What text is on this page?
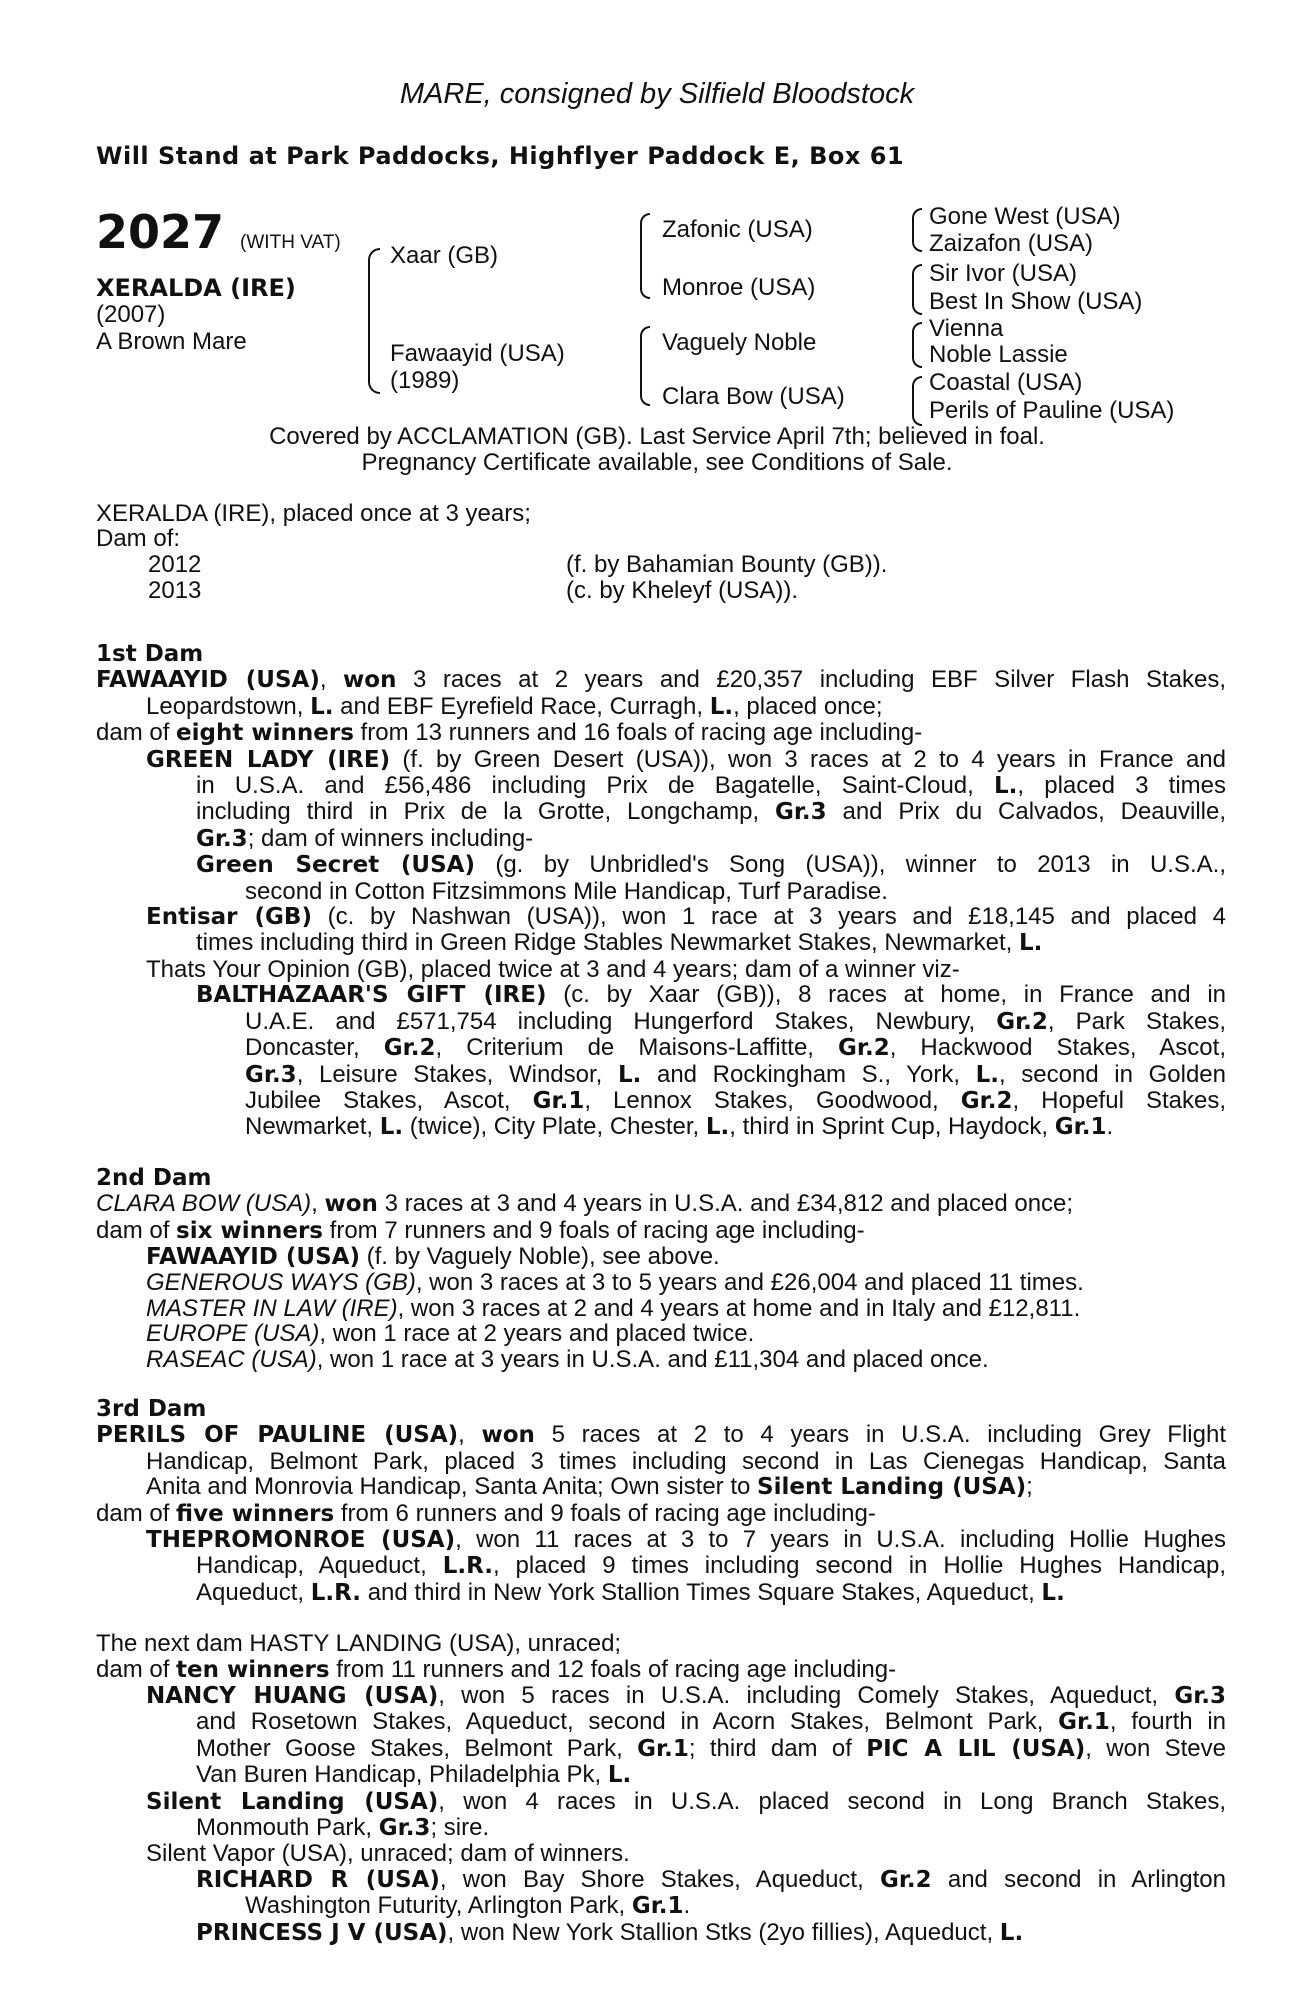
MARE, consigned by Silfield Bloodstock
Will Stand at Park Paddocks, Highflyer Paddock E, Box 61
2027 (WITH VAT)
XERALDA (IRE)
(2007)
A Brown Mare
Xaar (GB)
Fawaayid (USA)
(1989)
Zafonic (USA)
Monroe (USA)
Vaguely Noble
Clara Bow (USA)
Gone West (USA)
Zaizafon (USA)
Sir Ivor (USA)
Best In Show (USA)
Vienna
Noble Lassie
Coastal (USA)
Perils of Pauline (USA)
Covered by ACCLAMATION (GB). Last Service April 7th; believed in foal.
Pregnancy Certificate available, see Conditions of Sale.
XERALDA (IRE), placed once at 3 years;
Dam of:
2012	(f. by Bahamian Bounty (GB)).
2013	(c. by Kheleyf (USA)).
1st Dam
FAWAAYID (USA), won 3 races at 2 years and £20,357 including EBF Silver Flash Stakes,
Leopardstown, L. and EBF Eyrefield Race, Curragh, L., placed once;
dam of eight winners from 13 runners and 16 foals of racing age including-
GREEN LADY (IRE) (f. by Green Desert (USA)), won 3 races at 2 to 4 years in France and
in U.S.A. and £56,486 including Prix de Bagatelle, Saint-Cloud, L., placed 3 times
including third in Prix de la Grotte, Longchamp, Gr.3 and Prix du Calvados, Deauville,
Gr.3; dam of winners including-
Green Secret (USA) (g. by Unbridled's Song (USA)), winner to 2013 in U.S.A.,
second in Cotton Fitzsimmons Mile Handicap, Turf Paradise.
Entisar (GB) (c. by Nashwan (USA)), won 1 race at 3 years and £18,145 and placed 4
times including third in Green Ridge Stables Newmarket Stakes, Newmarket, L.
Thats Your Opinion (GB), placed twice at 3 and 4 years; dam of a winner viz-
BALTHAZAAR'S GIFT (IRE) (c. by Xaar (GB)), 8 races at home, in France and in
U.A.E. and £571,754 including Hungerford Stakes, Newbury, Gr.2, Park Stakes,
Doncaster, Gr.2, Criterium de Maisons-Laffitte, Gr.2, Hackwood Stakes, Ascot,
Gr.3, Leisure Stakes, Windsor, L. and Rockingham S., York, L., second in Golden
Jubilee Stakes, Ascot, Gr.1, Lennox Stakes, Goodwood, Gr.2, Hopeful Stakes,
Newmarket, L. (twice), City Plate, Chester, L., third in Sprint Cup, Haydock, Gr.1.
2nd Dam
CLARA BOW (USA), won 3 races at 3 and 4 years in U.S.A. and £34,812 and placed once;
dam of six winners from 7 runners and 9 foals of racing age including-
FAWAAYID (USA) (f. by Vaguely Noble), see above.
GENEROUS WAYS (GB), won 3 races at 3 to 5 years and £26,004 and placed 11 times.
MASTER IN LAW (IRE), won 3 races at 2 and 4 years at home and in Italy and £12,811.
EUROPE (USA), won 1 race at 2 years and placed twice.
RASEAC (USA), won 1 race at 3 years in U.S.A. and £11,304 and placed once.
3rd Dam
PERILS OF PAULINE (USA), won 5 races at 2 to 4 years in U.S.A. including Grey Flight
Handicap, Belmont Park, placed 3 times including second in Las Cienegas Handicap, Santa
Anita and Monrovia Handicap, Santa Anita; Own sister to Silent Landing (USA);
dam of five winners from 6 runners and 9 foals of racing age including-
THEPROMONROE (USA), won 11 races at 3 to 7 years in U.S.A. including Hollie Hughes
Handicap, Aqueduct, L.R., placed 9 times including second in Hollie Hughes Handicap,
Aqueduct, L.R. and third in New York Stallion Times Square Stakes, Aqueduct, L.
The next dam HASTY LANDING (USA), unraced;
dam of ten winners from 11 runners and 12 foals of racing age including-
NANCY HUANG (USA), won 5 races in U.S.A. including Comely Stakes, Aqueduct, Gr.3
and Rosetown Stakes, Aqueduct, second in Acorn Stakes, Belmont Park, Gr.1, fourth in
Mother Goose Stakes, Belmont Park, Gr.1; third dam of PIC A LIL (USA), won Steve
Van Buren Handicap, Philadelphia Pk, L.
Silent Landing (USA), won 4 races in U.S.A. placed second in Long Branch Stakes,
Monmouth Park, Gr.3; sire.
Silent Vapor (USA), unraced; dam of winners.
RICHARD R (USA), won Bay Shore Stakes, Aqueduct, Gr.2 and second in Arlington
Washington Futurity, Arlington Park, Gr.1.
PRINCESS J V (USA), won New York Stallion Stks (2yo fillies), Aqueduct, L.
